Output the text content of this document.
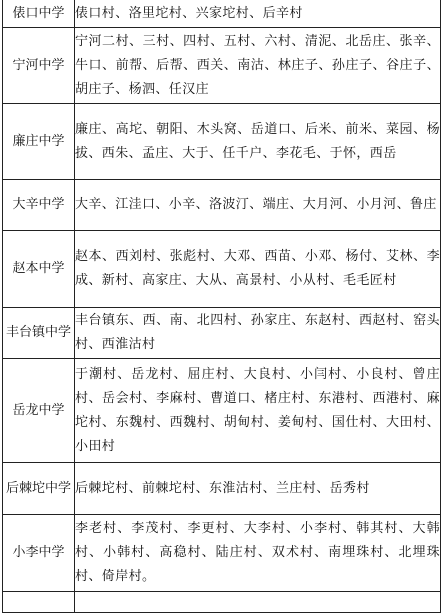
俵口中学	俵口村、洛里坨村、兴家坨村、后辛村
宁河中学	宁河二村、三村、四村、五村、六村、清泥、北岳庄、张辛、牛口、前帮、后帮、西关、南沽、林庄子、孙庄子、谷庄子、胡庄子、杨泗、任汉庄
廉庄中学	廉庄、高坨、朝阳、木头窝、岳道口、后米、前米、菜园、杨拔、西朱、孟庄、大于、任千户、李花毛、于怀，西岳
大辛中学	大辛、江洼口、小辛、洛波汀、端庄、大月河、小月河、鲁庄
赵本中学	赵本、西刘村、张彪村、大邓、西苗、小邓、杨付、艾林、李成、新村、高家庄、大从、高景村、小从村、毛毛匠村
丰台镇中学	丰台镇东、西、南、北四村、孙家庄、东赵村、西赵村、窑头村、西淮沽村
岳龙中学	于潮村、岳龙村、屈庄村、大良村、小闫村、小良村、曾庄村、岳会村、李麻村、曹道口、楮庄村、东港村、西港村、麻坨村、东魏村、西魏村、胡甸村、姜甸村、国仕村、大田村、小田村
后棘坨中学	后棘坨村、前棘坨村、东淮沽村、兰庄村、岳秀村
小李中学	李老村、李茂村、李更村、大李村、小李村、韩其村、大韩村、小韩村、高稳村、陆庄村、双术村、南埋珠村、北埋珠村、倚岸村。
